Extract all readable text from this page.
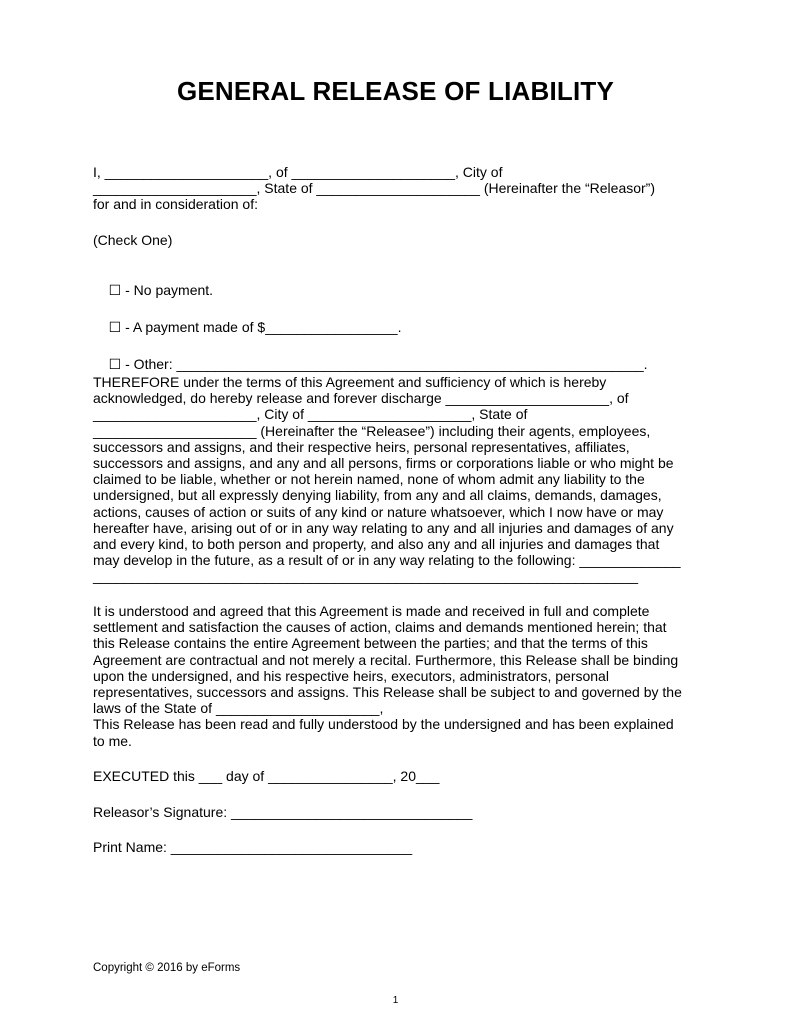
GENERAL RELEASE OF LIABILITY

I, _____________________, of _____________________, City of
_____________________, State of _____________________ (Hereinafter the “Releasor”)
for and in consideration of:

(Check One)

☐ - No payment.

☐ - A payment made of $_________________.

☐ - Other: ____________________________________________________________.

THEREFORE under the terms of this Agreement and sufficiency of which is hereby
acknowledged, do hereby release and forever discharge _____________________, of
_____________________, City of _____________________, State of
_____________________ (Hereinafter the “Releasee”) including their agents, employees,
successors and assigns, and their respective heirs, personal representatives, affiliates,
successors and assigns, and any and all persons, firms or corporations liable or who might be
claimed to be liable, whether or not herein named, none of whom admit any liability to the
undersigned, but all expressly denying liability, from any and all claims, demands, damages,
actions, causes of action or suits of any kind or nature whatsoever, which I now have or may
hereafter have, arising out of or in any way relating to any and all injuries and damages of any
and every kind, to both person and property, and also any and all injuries and damages that
may develop in the future, as a result of or in any way relating to the following: _____________
______________________________________________________________________

It is understood and agreed that this Agreement is made and received in full and complete
settlement and satisfaction the causes of action, claims and demands mentioned herein; that
this Release contains the entire Agreement between the parties; and that the terms of this
Agreement are contractual and not merely a recital. Furthermore, this Release shall be binding
upon the undersigned, and his respective heirs, executors, administrators, personal
representatives, successors and assigns. This Release shall be subject to and governed by the
laws of the State of _____________________,
This Release has been read and fully understood by the undersigned and has been explained
to me.

EXECUTED this ___ day of ________________, 20___

Releasor’s Signature: _______________________________

Print Name: _______________________________

Copyright © 2016 by eForms

1
